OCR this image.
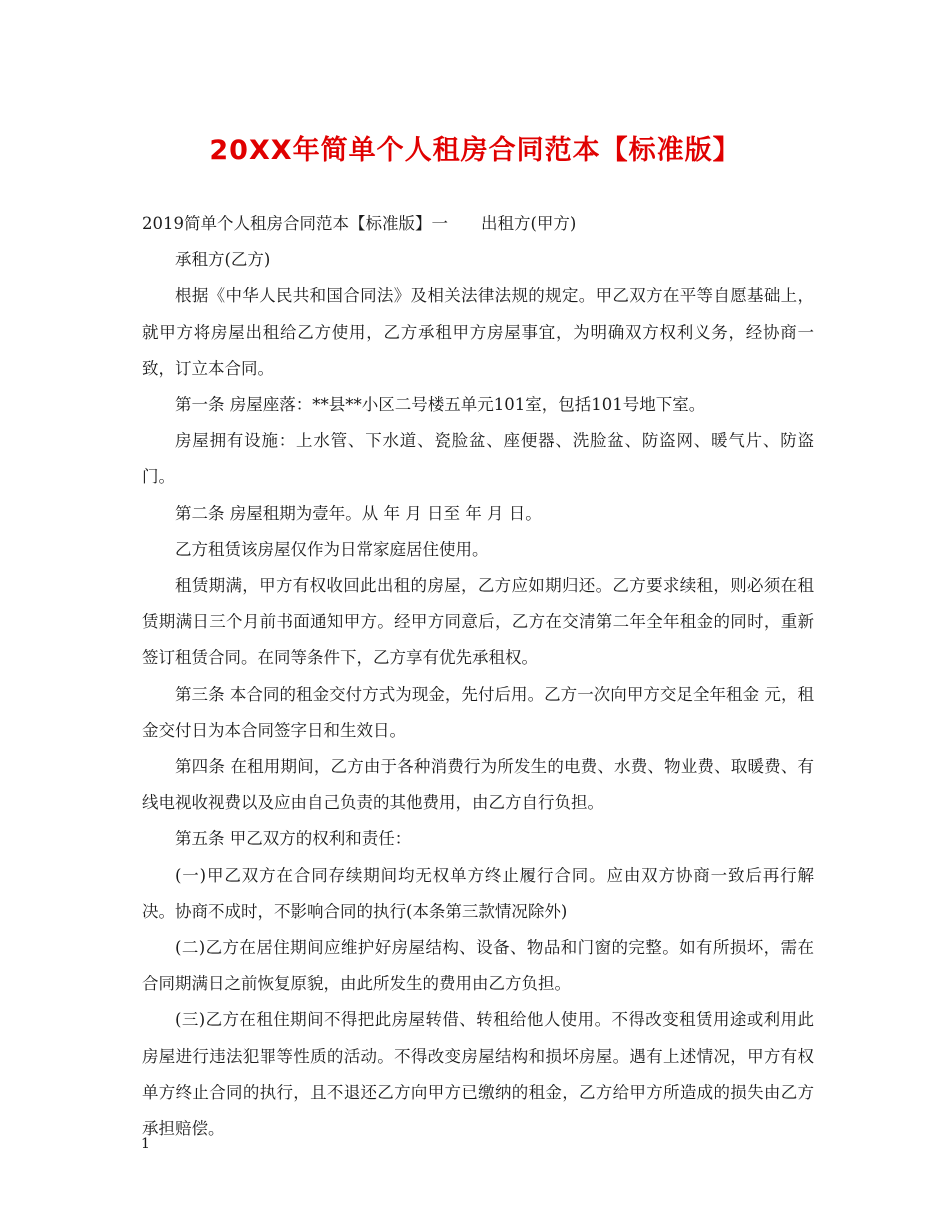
20XX年简单个人租房合同范本【标准版】

2019简单个人租房合同范本【标准版】一　　出租方(甲方)

承租方(乙方)

根据《中华人民共和国合同法》及相关法律法规的规定。甲乙双方在平等自愿基础上，就甲方将房屋出租给乙方使用，乙方承租甲方房屋事宜，为明确双方权利义务，经协商一致，订立本合同。

第一条 房屋座落：**县**小区二号楼五单元101室，包括101号地下室。

房屋拥有设施：上水管、下水道、瓷脸盆、座便器、洗脸盆、防盗网、暖气片、防盗门。

第二条 房屋租期为壹年。从 年 月 日至 年 月 日。

乙方租赁该房屋仅作为日常家庭居住使用。

租赁期满，甲方有权收回此出租的房屋，乙方应如期归还。乙方要求续租，则必须在租赁期满日三个月前书面通知甲方。经甲方同意后，乙方在交清第二年全年租金的同时，重新签订租赁合同。在同等条件下，乙方享有优先承租权。

第三条 本合同的租金交付方式为现金，先付后用。乙方一次向甲方交足全年租金 元，租金交付日为本合同签字日和生效日。

第四条 在租用期间，乙方由于各种消费行为所发生的电费、水费、物业费、取暖费、有线电视收视费以及应由自己负责的其他费用，由乙方自行负担。

第五条 甲乙双方的权利和责任：

(一)甲乙双方在合同存续期间均无权单方终止履行合同。应由双方协商一致后再行解决。协商不成时，不影响合同的执行(本条第三款情况除外)

(二)乙方在居住期间应维护好房屋结构、设备、物品和门窗的完整。如有所损坏，需在合同期满日之前恢复原貌，由此所发生的费用由乙方负担。

(三)乙方在租住期间不得把此房屋转借、转租给他人使用。不得改变租赁用途或利用此房屋进行违法犯罪等性质的活动。不得改变房屋结构和损坏房屋。遇有上述情况，甲方有权单方终止合同的执行，且不退还乙方向甲方已缴纳的租金，乙方给甲方所造成的损失由乙方承担赔偿。

1
